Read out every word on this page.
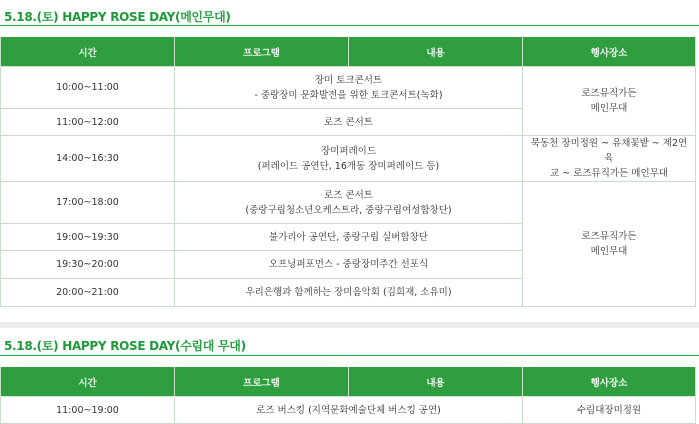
5.18.(토) HAPPY ROSE DAY(메인무대)
시간	프로그램	내용	행사장소
10:00~11:00	장미 토크콘서트
- 중랑장미 문화발전을 위한 토크콘서트(녹화)		로즈뮤직가든
메인무대

11:00~12:00	로즈 콘서트		

14:00~16:30	장미퍼레이드
(퍼레이드 공연단, 16개동 장미퍼레이드 등)		묵동천 장미정원 ~ 유채꽃밭 ~ 제2연육
교 ~ 로즈뮤직가든 메인무대

17:00~18:00	로즈 콘서트
(중랑구립청소년오케스트라, 중랑구립여성합창단)		로즈뮤직가든
메인무대

19:00~19:30	불가리아 공연단, 중랑구립 실버합창단		

19:30~20:00	오프닝퍼포먼스 - 중랑장미주간 선포식		

20:00~21:00	우리은행과 함께하는 장미음악회 (김희재, 소유미)		
5.18.(토) HAPPY ROSE DAY(수림대 무대)
시간	프로그램	내용	행사장소
11:00~19:00	로즈 버스킹 (지역문화예술단체 버스킹 공연)		수림대장미정원
